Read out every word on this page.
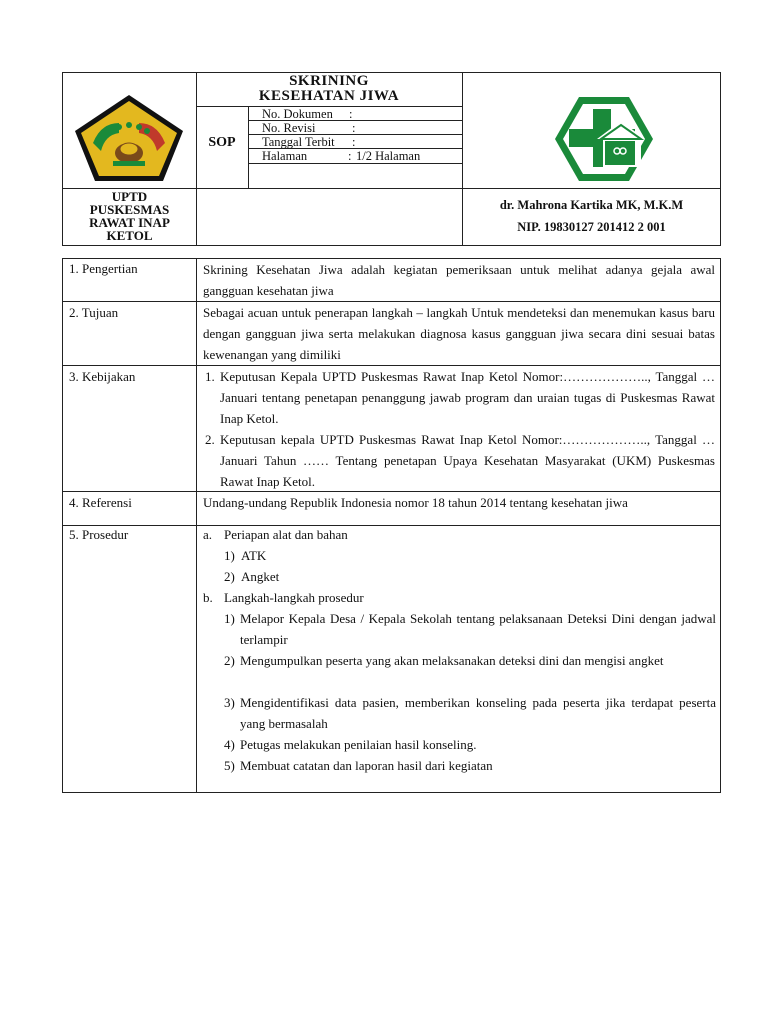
SKRINING
KESEHATAN JIWA
SOP
No. Dokumen :
No. Revisi	:
Tanggal Terbit :
Halaman	: 1/2 Halaman
UPTD
PUSKESMAS
RAWAT INAP
KETOL
dr. Mahrona Kartika MK, M.K.M
NIP. 19830127 201412 2 001
1. Pengertian	Skrining Kesehatan Jiwa adalah kegiatan pemeriksaan untuk melihat adanya gejala awal gangguan kesehatan jiwa
2. Tujuan	Sebagai acuan untuk penerapan langkah – langkah Untuk mendeteksi dan menemukan kasus baru dengan gangguan jiwa serta melakukan diagnosa kasus gangguan jiwa secara dini sesuai batas kewenangan yang dimiliki
3. Kebijakan	1. Keputusan Kepala UPTD Puskesmas Rawat Inap Ketol Nomor:……………….., Tanggal … Januari tentang penetapan penanggung jawab program dan uraian tugas di Puskesmas Rawat Inap Ketol.
2. Keputusan kepala UPTD Puskesmas Rawat Inap Ketol Nomor:……………….., Tanggal … Januari Tahun …… Tentang penetapan Upaya Kesehatan Masyarakat (UKM) Puskesmas Rawat Inap Ketol.
4. Referensi	Undang-undang Republik Indonesia nomor 18 tahun 2014 tentang kesehatan jiwa
5. Prosedur	a. Periapan alat dan bahan
1) ATK
2) Angket
b. Langkah-langkah prosedur
1) Melapor Kepala Desa / Kepala Sekolah tentang pelaksanaan Deteksi Dini dengan jadwal terlampir
2) Mengumpulkan peserta yang akan melaksanakan deteksi dini dan mengisi angket
3) Mengidentifikasi data pasien, memberikan konseling pada peserta jika terdapat peserta yang bermasalah
4) Petugas melakukan penilaian hasil konseling.
5) Membuat catatan dan laporan hasil dari kegiatan
